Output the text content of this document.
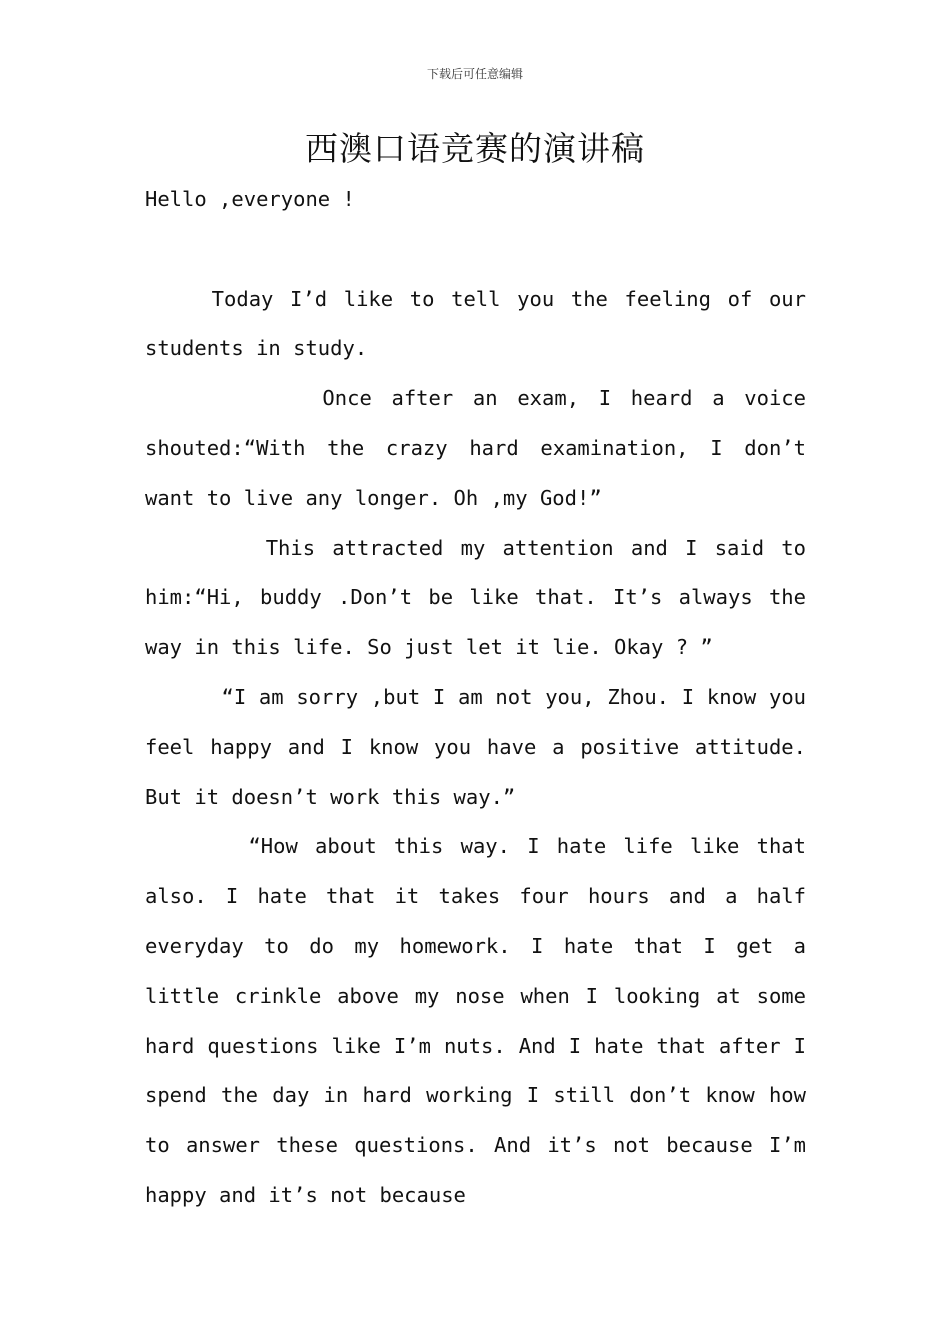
下载后可任意编辑
西澳口语竞赛的演讲稿

Hello ,everyone !

Today I’d like to tell you the feeling of our students in study.

Once after an exam, I heard a voice shouted:“With the crazy hard examination, I don’t want to live any longer. Oh ,my God!”

This attracted my attention and I said to him:“Hi, buddy .Don’t be like that. It’s always the way in this life. So just let it lie. Okay ? ”

“I am sorry ,but I am not you, Zhou. I know you feel happy and I know you have a positive attitude. But it doesn’t work this way.”

“How about this way. I hate life like that also. I hate that it takes four hours and a half everyday to do my homework. I hate that I get a little crinkle above my nose when I looking at some hard questions like I’m nuts. And I hate that after I spend the day in hard working I still don’t know how to answer these questions. And it’s not because I’m happy and it’s not because
